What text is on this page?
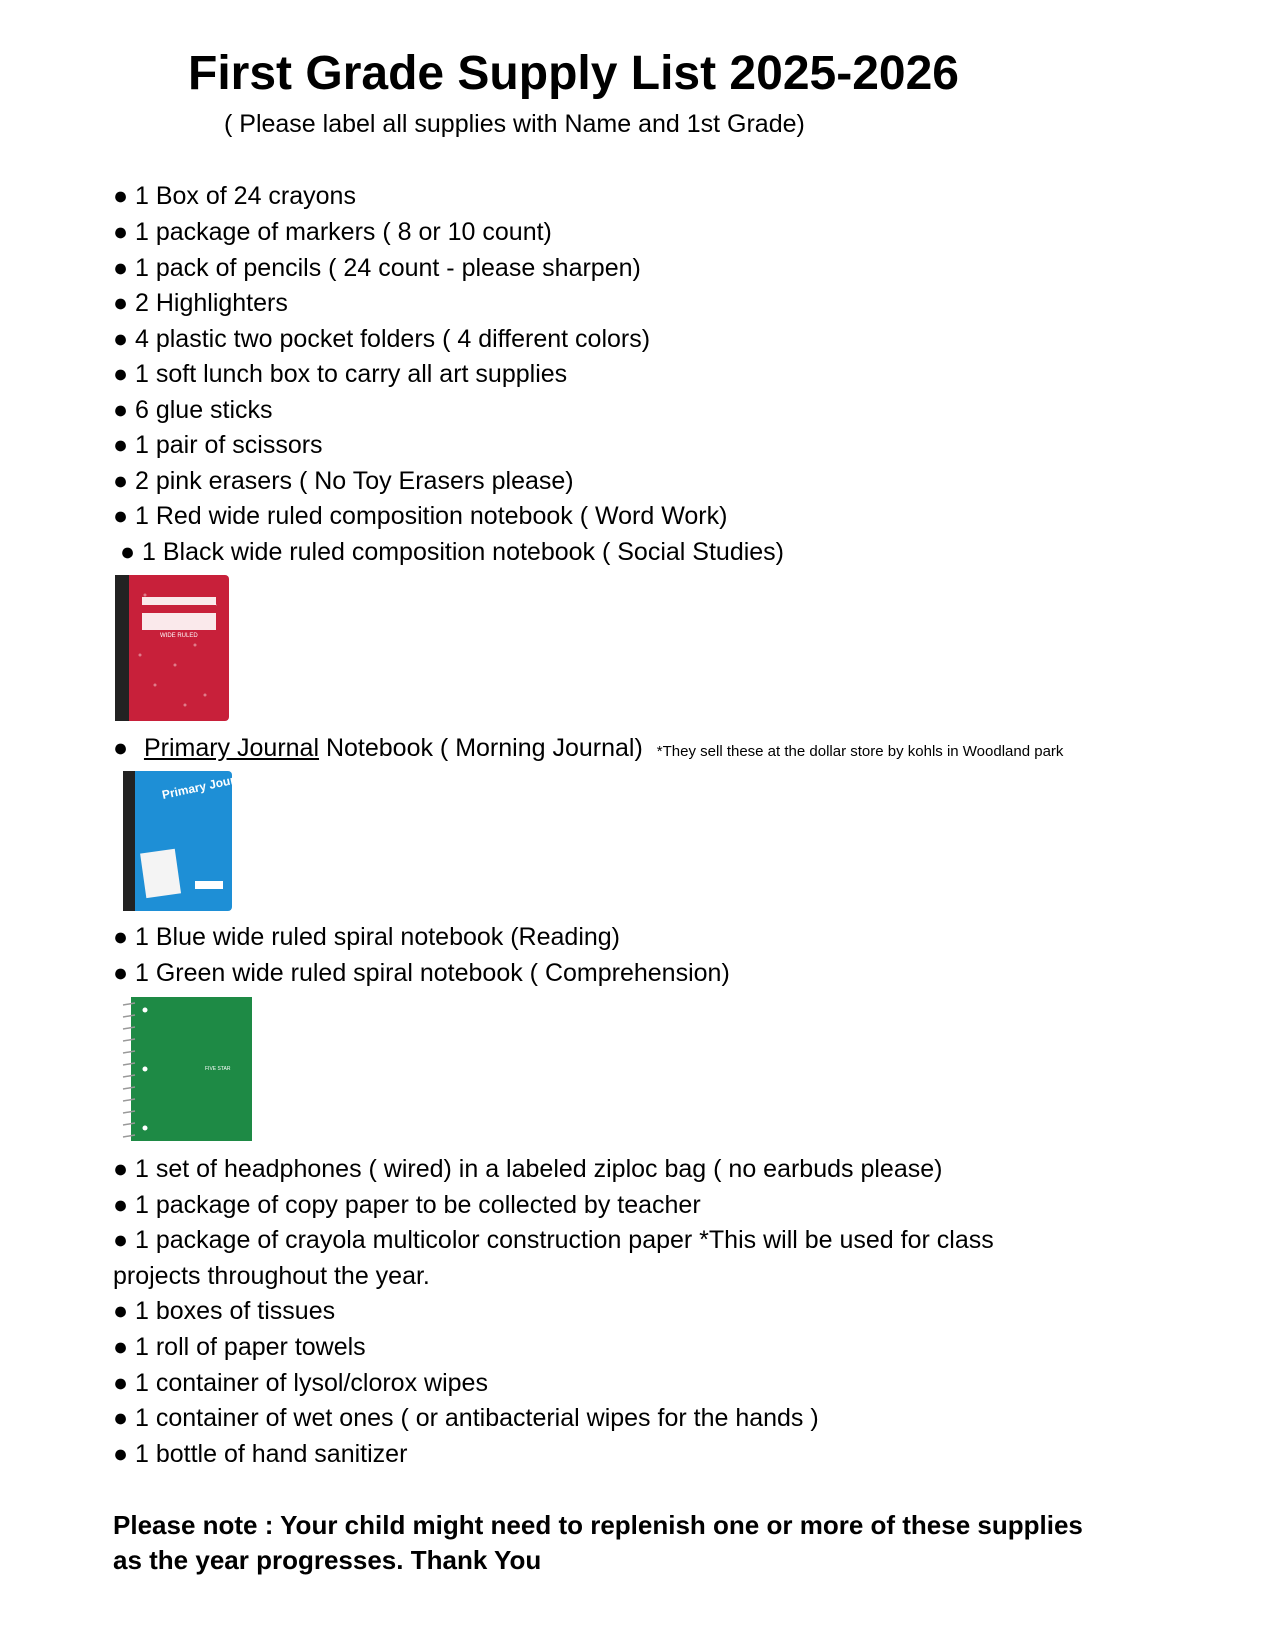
First Grade Supply List 2025-2026
( Please label all supplies with Name and 1st Grade)
● 1 Box of 24 crayons
● 1 package of markers ( 8 or 10 count)
● 1 pack of pencils ( 24 count - please sharpen)
● 2 Highlighters
● 4 plastic two pocket folders ( 4 different colors)
● 1 soft lunch box to carry all art supplies
● 6 glue sticks
● 1 pair of scissors
● 2 pink erasers ( No Toy Erasers please)
● 1 Red wide ruled composition notebook ( Word Work)
● 1 Black wide ruled composition notebook ( Social Studies)
● 1 Blue wide ruled spiral notebook (Reading)
● 1 Green wide ruled spiral notebook ( Comprehension)
● 1 set of headphones ( wired) in a labeled ziploc bag ( no earbuds please)
● 1 package of copy paper to be collected by teacher
● 1 package of crayola multicolor construction paper *This will be used for class
projects throughout the year.
● 1 boxes of tissues
● 1 roll of paper towels
● 1 container of lysol/clorox wipes
● 1 container of wet ones ( or antibacterial wipes for the hands )
● 1 bottle of hand sanitizer
WIDE RULED
● Primary Journal Notebook ( Morning Journal) *They sell these at the dollar store by kohls in Woodland park
Primary Journal
FIVE STAR
Please note : Your child might need to replenish one or more of these supplies
as the year progresses. Thank You
